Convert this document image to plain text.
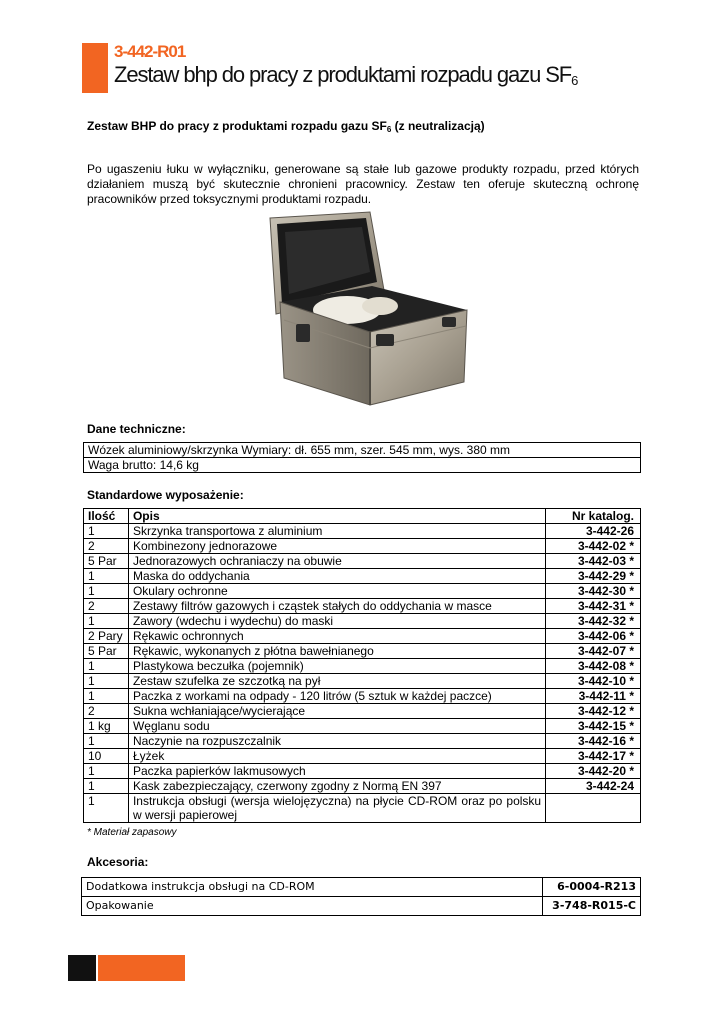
3-442-R01
Zestaw bhp do pracy z produktami rozpadu gazu $SF_6$
Zestaw BHP do pracy z produktami rozpadu gazu $SF_6$ (z neutralizacją)

Po ugaszeniu łuku w wyłączniku, generowane są stałe lub gazowe produkty rozpadu, przed których działaniem muszą być skutecznie chronieni pracownicy. Zestaw ten oferuje skuteczną ochronę pracowników przed toksycznymi produktami rozpadu.

Dane techniczne:
Wózek aluminiowy/skrzynka Wymiary: dł. 655 mm, szer. 545 mm, wys. 380 mm
Waga brutto: 14,6 kg
Standardowe wyposażenie:
Ilość	Opis	Nr katalog.
1	Skrzynka transportowa z aluminium	3-442-26
2	Kombinezony jednorazowe	3-442-02 *
5 Par	Jednorazowych ochraniaczy na obuwie	3-442-03 *
1	Maska do oddychania	3-442-29 *
1	Okulary ochronne	3-442-30 *
2	Zestawy filtrów gazowych i cząstek stałych do oddychania w masce	3-442-31 *
1	Zawory (wdechu i wydechu) do maski	3-442-32 *
2 Pary	Rękawic ochronnych	3-442-06 *
5 Par	Rękawic, wykonanych z płótna bawełnianego	3-442-07 *
1	Plastykowa beczułka (pojemnik)	3-442-08 *
1	Zestaw szufelka ze szczotką na pył	3-442-10 *
1	Paczka z workami na odpady - 120 litrów (5 sztuk w każdej paczce)	3-442-11 *
2	Sukna wchłaniające/wycierające	3-442-12 *
1 kg	Węglanu sodu	3-442-15 *
1	Naczynie na rozpuszczalnik	3-442-16 *
10	Łyżek	3-442-17 *
1	Paczka papierków lakmusowych	3-442-20 *
1	Kask zabezpieczający, czerwony zgodny z Normą EN 397	3-442-24
1	Instrukcja obsługi (wersja wielojęzyczna) na płycie CD-ROM oraz po polsku w wersji papierowej	
* Materiał zapasowy
Akcesoria:
Dodatkowa instrukcja obsługi na CD-ROM	6-0004-R213
Opakowanie	3-748-R015-C
